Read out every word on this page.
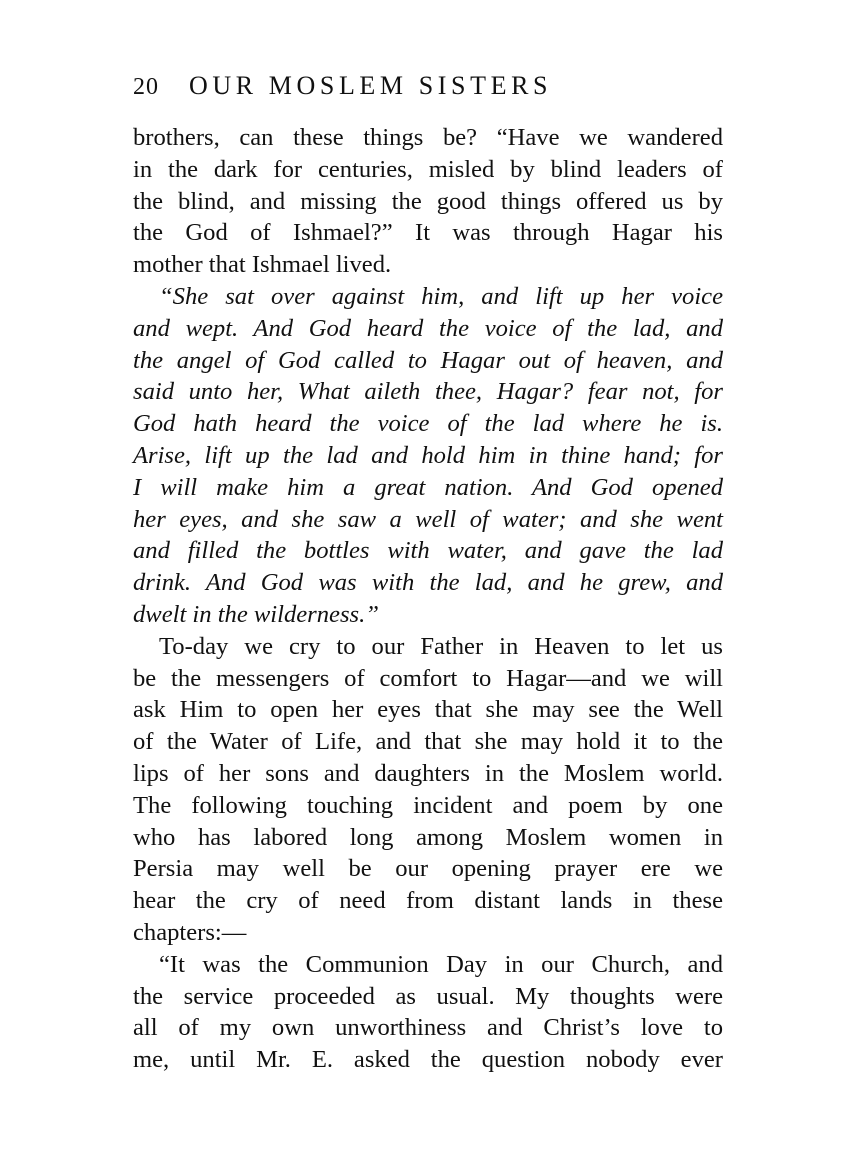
20 OUR MOSLEM SISTERS
brothers, can these things be? “Have we wandered
in the dark for centuries, misled by blind leaders of
the blind, and missing the good things offered us by
the God of Ishmael?” It was through Hagar his
mother that Ishmael lived.
“She sat over against him, and lift up her voice
and wept. And God heard the voice of the lad, and
the angel of God called to Hagar out of heaven, and
said unto her, What aileth thee, Hagar? fear not, for
God hath heard the voice of the lad where he is.
Arise, lift up the lad and hold him in thine hand; for
I will make him a great nation. And God opened
her eyes, and she saw a well of water; and she went
and filled the bottles with water, and gave the lad
drink. And God was with the lad, and he grew, and
dwelt in the wilderness.”
To-day we cry to our Father in Heaven to let us
be the messengers of comfort to Hagar—and we will
ask Him to open her eyes that she may see the Well
of the Water of Life, and that she may hold it to the
lips of her sons and daughters in the Moslem world.
The following touching incident and poem by one
who has labored long among Moslem women in
Persia may well be our opening prayer ere we
hear the cry of need from distant lands in these
chapters:—
“It was the Communion Day in our Church, and
the service proceeded as usual. My thoughts were
all of my own unworthiness and Christ’s love to
me, until Mr. E. asked the question nobody ever
